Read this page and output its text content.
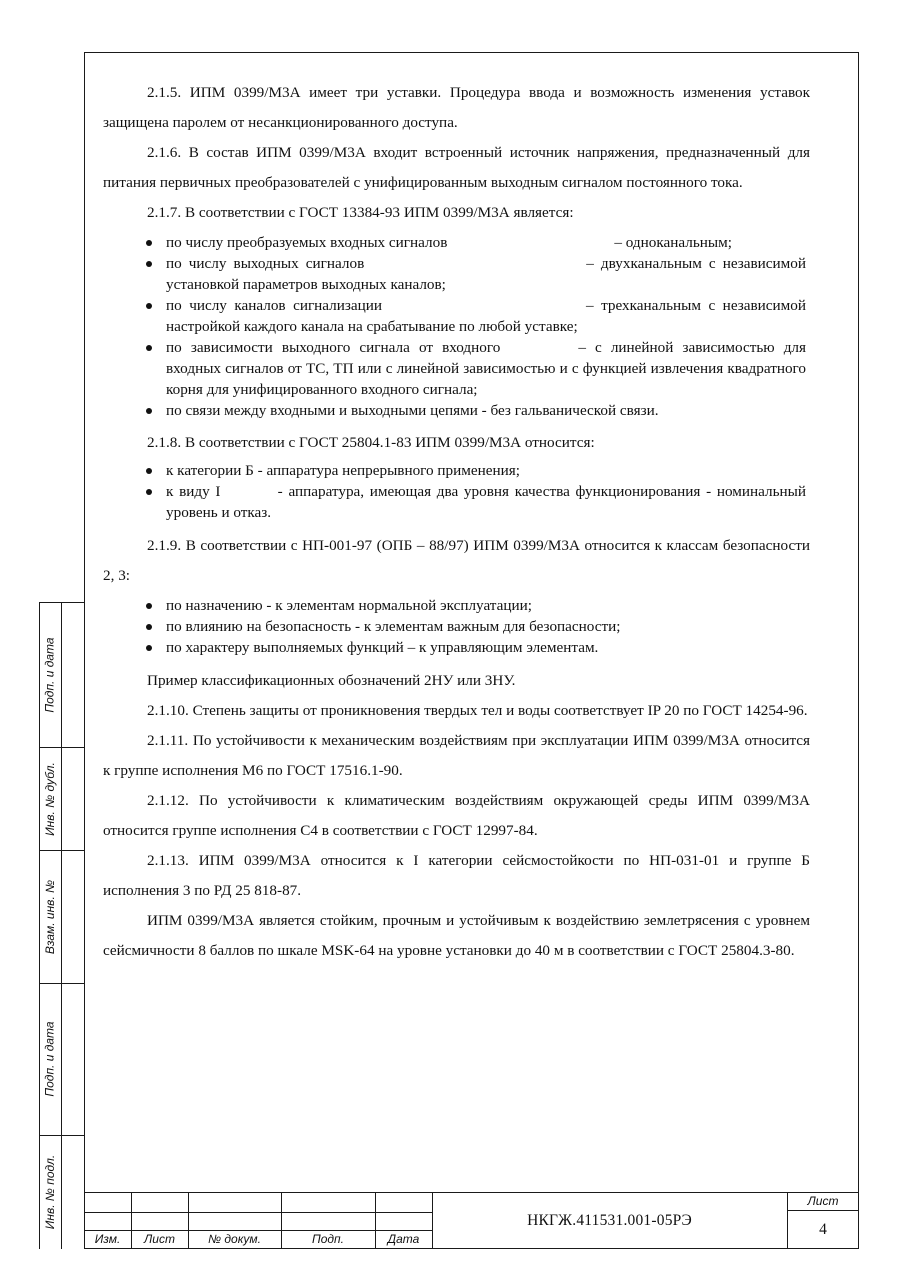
2.1.5. ИПМ 0399/М3А имеет три уставки. Процедура ввода и возможность изменения уставок защищена паролем от несанкционированного доступа.

2.1.6. В состав ИПМ 0399/М3А входит встроенный источник напряжения, предназначенный для питания первичных преобразователей с унифицированным выходным сигналом постоянного тока.

2.1.7. В соответствии с ГОСТ 13384-93 ИПМ 0399/М3А является:

по числу преобразуемых входных сигналов	– одноканальным;
по числу выходных сигналов	– двухканальным с независимой установкой параметров выходных каналов;
по числу каналов сигнализации	– трехканальным с независимой настройкой каждого канала на срабатывание по любой уставке;
по зависимости выходного сигнала от входного	– с линейной зависимостью для входных сигналов от ТС, ТП или с линейной зависимостью и с функцией извлечения квадратного корня для унифицированного входного сигнала;
по связи между входными и выходными цепями - без гальванической связи.

2.1.8. В соответствии с ГОСТ 25804.1-83 ИПМ 0399/М3А относится:

к категории Б - аппаратура непрерывного применения;
к виду I          - аппаратура, имеющая два уровня качества функционирования - номинальный уровень и отказ.

2.1.9. В соответствии с НП-001-97 (ОПБ – 88/97) ИПМ 0399/М3А относится к классам безопасности 2, 3:

по назначению - к элементам нормальной эксплуатации;
по влиянию на безопасность - к элементам важным для безопасности;
по характеру выполняемых функций – к управляющим элементам.

Пример классификационных обозначений 2НУ или 3НУ.

2.1.10. Степень защиты от проникновения твердых тел и воды соответствует IP 20 по ГОСТ 14254-96.

2.1.11. По устойчивости к механическим воздействиям при эксплуатации ИПМ 0399/М3А относится к группе исполнения М6 по ГОСТ 17516.1-90.

2.1.12. По устойчивости к климатическим воздействиям окружающей среды ИПМ 0399/М3А относится группе исполнения С4 в соответствии с ГОСТ 12997-84.

2.1.13. ИПМ 0399/М3А относится к I категории сейсмостойкости по НП-031-01 и группе Б исполнения 3 по РД 25 818-87.

ИПМ 0399/М3А является стойким, прочным и устойчивым к воздействию землетрясения с уровнем сейсмичности 8 баллов по шкале MSK-64 на уровне установки до 40 м в соответствии с ГОСТ 25804.3-80.

Подп. и дата
Инв. № дубл.
Взам. инв. №
Подп. и дата
Инв. № подл.
Изм.	Лист	№ докум.	Подп.	Дата
НКГЖ.411531.001-05РЭ
Лист
4
